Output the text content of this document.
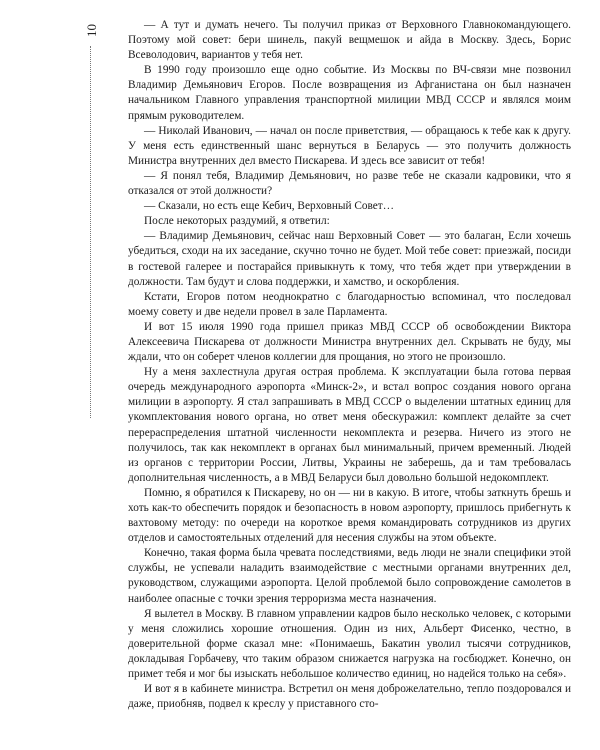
10	— А тут и думать нечего. Ты получил приказ от Верховного Главнокомандующего. Поэтому мой совет: бери шинель, пакуй вещмешок и айда в Москву. Здесь, Борис Всеволодович, вариантов у тебя нет.

В 1990 году произошло еще одно событие. Из Москвы по ВЧ-связи мне позвонил Владимир Демьянович Егоров. После возвращения из Афганистана он был назначен начальником Главного управления транспортной милиции МВД СССР и являлся моим прямым руководителем.

— Николай Иванович, — начал он после приветствия, — обращаюсь к тебе как к другу. У меня есть единственный шанс вернуться в Беларусь — это получить должность Министра внутренних дел вместо Пискарева. И здесь все зависит от тебя!

— Я понял тебя, Владимир Демьянович, но разве тебе не сказали кадровики, что я отказался от этой должности?

— Сказали, но есть еще Кебич, Верховный Совет…

После некоторых раздумий, я ответил:

— Владимир Демьянович, сейчас наш Верховный Совет — это балаган, Если хочешь убедиться, сходи на их заседание, скучно точно не будет. Мой тебе совет: приезжай, посиди в гостевой галерее и постарайся привыкнуть к тому, что тебя ждет при утверждении в должности. Там будут и слова поддержки, и хамство, и оскорбления.

Кстати, Егоров потом неоднократно с благодарностью вспоминал, что последовал моему совету и две недели провел в зале Парламента.

И вот 15 июля 1990 года пришел приказ МВД СССР об освобождении Виктора Алексеевича Пискарева от должности Министра внутренних дел. Скрывать не буду, мы ждали, что он соберет членов коллегии для прощания, но этого не произошло.

Ну а меня захлестнула другая острая проблема. К эксплуатации была готова первая очередь международного аэропорта «Минск-2», и встал вопрос создания нового органа милиции в аэропорту. Я стал запрашивать в МВД СССР о выделении штатных единиц для укомплектования нового органа, но ответ меня обескуражил: комплект делайте за счет перераспределения штатной численности некомплекта и резерва. Ничего из этого не получилось, так как некомплект в органах был минимальный, причем временный. Людей из органов с территории России, Литвы, Украины не заберешь, да и там требовалась дополнительная численность, а в МВД Беларуси был довольно большой недокомплект.

Помню, я обратился к Пискареву, но он — ни в какую. В итоге, чтобы заткнуть брешь и хоть как-то обеспечить порядок и безопасность в новом аэропорту, пришлось прибегнуть к вахтовому методу: по очереди на короткое время командировать сотрудников из других отделов и самостоятельных отделений для несения службы на этом объекте.

Конечно, такая форма была чревата последствиями, ведь люди не знали специфики этой службы, не успевали наладить взаимодействие с местными органами внутренних дел, руководством, служащими аэропорта. Целой проблемой было сопровождение самолетов в наиболее опасные с точки зрения терроризма места назначения.

Я вылетел в Москву. В главном управлении кадров было несколько человек, с которыми у меня сложились хорошие отношения. Один из них, Альберт Фисенко, честно, в доверительной форме сказал мне: «Понимаешь, Бакатин уволил тысячи сотрудников, докладывая Горбачеву, что таким образом снижается нагрузка на госбюджет. Конечно, он примет тебя и мог бы изыскать небольшое количество единиц, но надейся только на себя».

И вот я в кабинете министра. Встретил он меня доброжелательно, тепло поздоровался и даже, приобняв, подвел к креслу у приставного сто-
